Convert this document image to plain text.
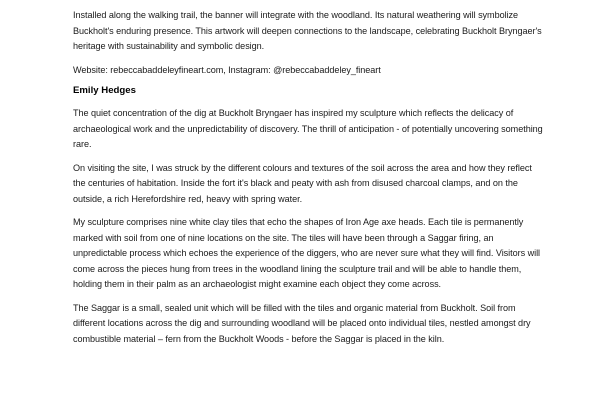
Installed along the walking trail, the banner will integrate with the woodland. Its natural weathering will symbolize Buckholt's enduring presence. This artwork will deepen connections to the landscape, celebrating Buckholt Bryngaer's heritage with sustainability and symbolic design.

Website: rebeccabaddeleyfineart.com, Instagram: @rebeccabaddeley_fineart

Emily Hedges

The quiet concentration of the dig at Buckholt Bryngaer has inspired my sculpture which reflects the delicacy of archaeological work and the unpredictability of discovery. The thrill of anticipation - of potentially uncovering something rare.

On visiting the site, I was struck by the different colours and textures of the soil across the area and how they reflect the centuries of habitation. Inside the fort it's black and peaty with ash from disused charcoal clamps, and on the outside, a rich Herefordshire red, heavy with spring water.

My sculpture comprises nine white clay tiles that echo the shapes of Iron Age axe heads. Each tile is permanently marked with soil from one of nine locations on the site. The tiles will have been through a Saggar firing, an unpredictable process which echoes the experience of the diggers, who are never sure what they will find. Visitors will come across the pieces hung from trees in the woodland lining the sculpture trail and will be able to handle them, holding them in their palm as an archaeologist might examine each object they come across.

The Saggar is a small, sealed unit which will be filled with the tiles and organic material from Buckholt. Soil from different locations across the dig and surrounding woodland will be placed onto individual tiles, nestled amongst dry combustible material – fern from the Buckholt Woods - before the Saggar is placed in the kiln.
